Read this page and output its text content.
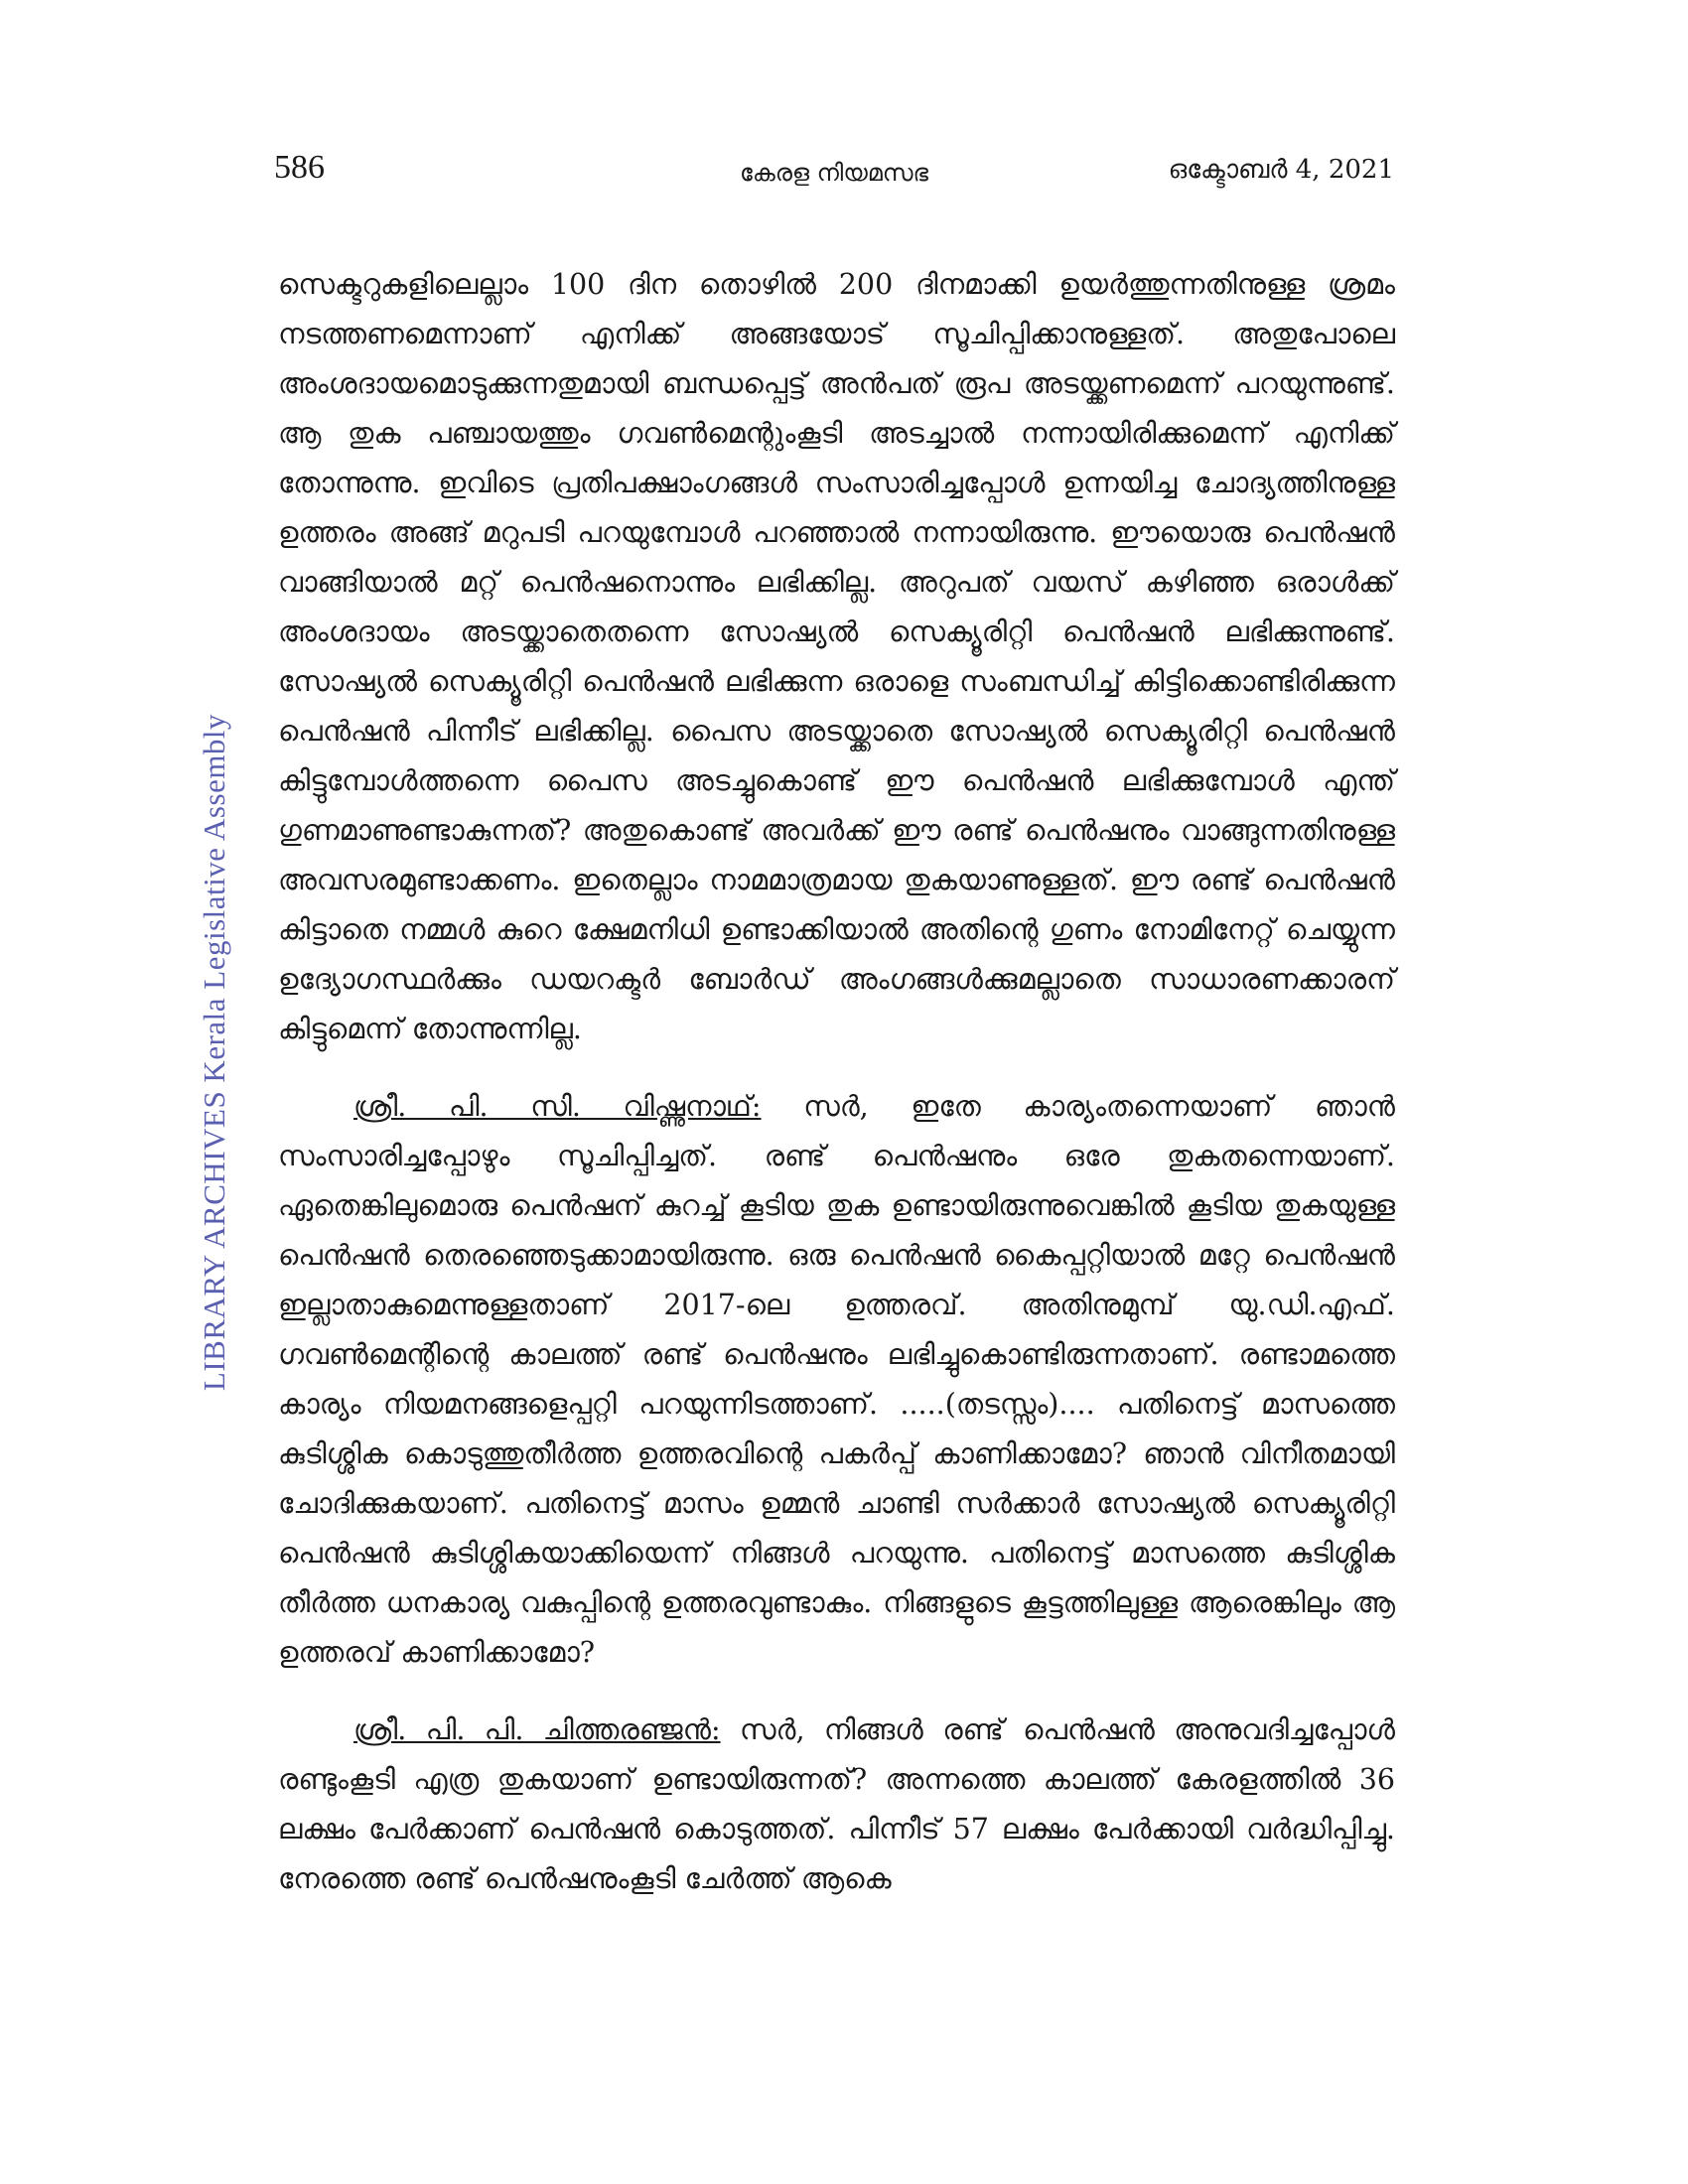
586	കേരള നിയമസഭ	ഒക്ടോബർ 4, 2021
LIBRARY ARCHIVES Kerala Legislative Assembly

സെക്ടറുകളിലെല്ലാം 100 ദിന തൊഴിൽ 200 ദിനമാക്കി ഉയർത്തുന്നതിനുള്ള ശ്രമം നടത്തണമെന്നാണ് എനിക്ക് അങ്ങയോട് സൂചിപ്പിക്കാനുള്ളത്. അതുപോലെ അംശദായമൊടുക്കുന്നതുമായി ബന്ധപ്പെട്ട് അൻപത് രൂപ അടയ്ക്കണമെന്ന് പറയുന്നുണ്ട്. ആ തുക പഞ്ചായത്തും ഗവൺമെന്റുംകൂടി അടച്ചാൽ നന്നായിരിക്കുമെന്ന് എനിക്ക് തോന്നുന്നു. ഇവിടെ പ്രതിപക്ഷാംഗങ്ങൾ സംസാരിച്ചപ്പോൾ ഉന്നയിച്ച ചോദ്യത്തിനുള്ള ഉത്തരം അങ്ങ് മറുപടി പറയുമ്പോൾ പറഞ്ഞാൽ നന്നായിരുന്നു. ഈയൊരു പെൻഷൻ വാങ്ങിയാൽ മറ്റ് പെൻഷനൊന്നും ലഭിക്കില്ല. അറുപത് വയസ് കഴിഞ്ഞ ഒരാൾക്ക് അംശദായം അടയ്ക്കാതെതന്നെ സോഷ്യൽ സെക്യൂരിറ്റി പെൻഷൻ ലഭിക്കുന്നുണ്ട്. സോഷ്യൽ സെക്യൂരിറ്റി പെൻഷൻ ലഭിക്കുന്ന ഒരാളെ സംബന്ധിച്ച് കിട്ടിക്കൊണ്ടിരിക്കുന്ന പെൻഷൻ പിന്നീട് ലഭിക്കില്ല. പൈസ അടയ്ക്കാതെ സോഷ്യൽ സെക്യൂരിറ്റി പെൻഷൻ കിട്ടുമ്പോൾത്തന്നെ പൈസ അടച്ചുകൊണ്ട് ഈ പെൻഷൻ ലഭിക്കുമ്പോൾ എന്ത് ഗുണമാണുണ്ടാകുന്നത്? അതുകൊണ്ട് അവർക്ക് ഈ രണ്ട് പെൻഷനും വാങ്ങുന്നതിനുള്ള അവസരമുണ്ടാക്കണം. ഇതെല്ലാം നാമമാത്രമായ തുകയാണുള്ളത്. ഈ രണ്ട് പെൻഷൻ കിട്ടാതെ നമ്മൾ കുറെ ക്ഷേമനിധി ഉണ്ടാക്കിയാൽ അതിന്റെ ഗുണം നോമിനേറ്റ് ചെയ്യുന്ന ഉദ്യോഗസ്ഥർക്കും ഡയറക്ടർ ബോർഡ് അംഗങ്ങൾക്കുമല്ലാതെ സാധാരണക്കാരന് കിട്ടുമെന്ന് തോന്നുന്നില്ല.

ശ്രീ. പി. സി. വിഷ്ണുനാഥ്: സർ, ഇതേ കാര്യംതന്നെയാണ് ഞാൻ സംസാരിച്ചപ്പോഴും സൂചിപ്പിച്ചത്. രണ്ട് പെൻഷനും ഒരേ തുകതന്നെയാണ്. ഏതെങ്കിലുമൊരു പെൻഷന് കുറച്ച് കൂടിയ തുക ഉണ്ടായിരുന്നുവെങ്കിൽ കൂടിയ തുകയുള്ള പെൻഷൻ തെരഞ്ഞെടുക്കാമായിരുന്നു. ഒരു പെൻഷൻ കൈപ്പറ്റിയാൽ മറ്റേ പെൻഷൻ ഇല്ലാതാകുമെന്നുള്ളതാണ് 2017-ലെ ഉത്തരവ്. അതിനുമുമ്പ് യു.ഡി.എഫ്. ഗവൺമെന്റിന്റെ കാലത്ത് രണ്ട് പെൻഷനും ലഭിച്ചുകൊണ്ടിരുന്നതാണ്. രണ്ടാമത്തെ കാര്യം നിയമനങ്ങളെപ്പറ്റി പറയുന്നിടത്താണ്. .....(തടസ്സം).... പതിനെട്ട് മാസത്തെ കുടിശ്ശിക കൊടുത്തുതീർത്ത ഉത്തരവിന്റെ പകർപ്പ് കാണിക്കാമോ? ഞാൻ വിനീതമായി ചോദിക്കുകയാണ്. പതിനെട്ട് മാസം ഉമ്മൻ ചാണ്ടി സർക്കാർ സോഷ്യൽ സെക്യൂരിറ്റി പെൻഷൻ കുടിശ്ശികയാക്കിയെന്ന് നിങ്ങൾ പറയുന്നു. പതിനെട്ട് മാസത്തെ കുടിശ്ശിക തീർത്ത ധനകാര്യ വകുപ്പിന്റെ ഉത്തരവുണ്ടാകും. നിങ്ങളുടെ കൂട്ടത്തിലുള്ള ആരെങ്കിലും ആ ഉത്തരവ് കാണിക്കാമോ?

ശ്രീ. പി. പി. ചിത്തരഞ്ജൻ: സർ, നിങ്ങൾ രണ്ട് പെൻഷൻ അനുവദിച്ചപ്പോൾ രണ്ടുംകൂടി എത്ര തുകയാണ് ഉണ്ടായിരുന്നത്? അന്നത്തെ കാലത്ത് കേരളത്തിൽ 36 ലക്ഷം പേർക്കാണ് പെൻഷൻ കൊടുത്തത്. പിന്നീട് 57 ലക്ഷം പേർക്കായി വർദ്ധിപ്പിച്ചു. നേരത്തെ രണ്ട് പെൻഷനുംകൂടി ചേർത്ത് ആകെ
